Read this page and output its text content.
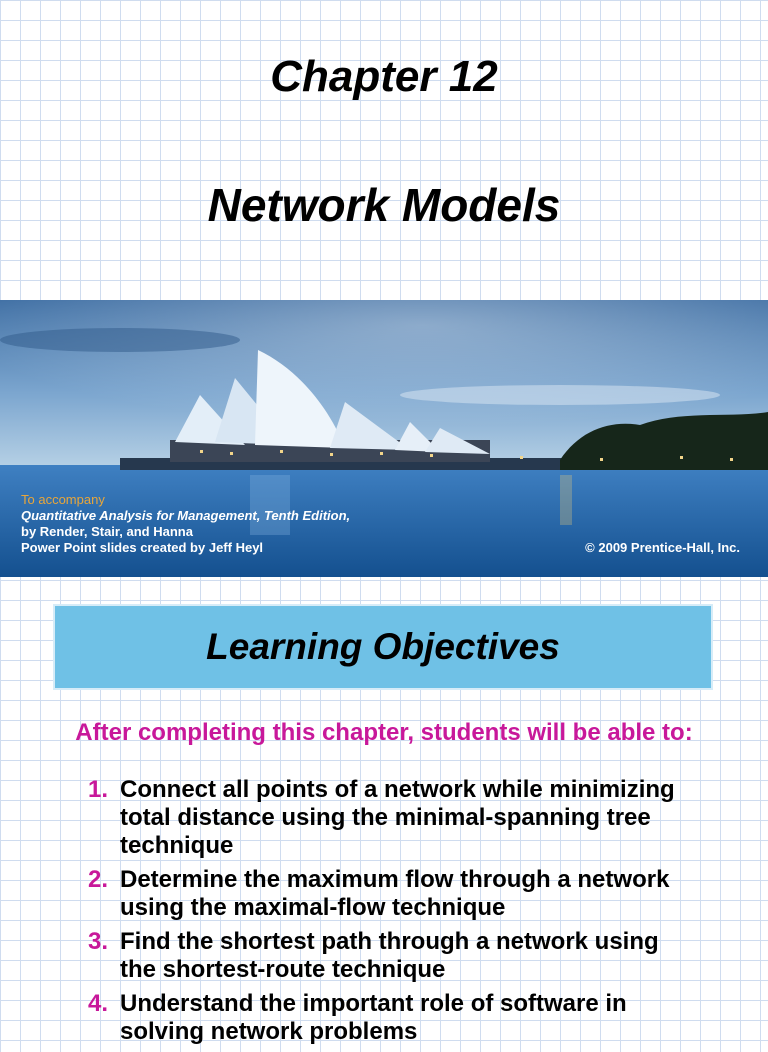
Chapter 12
Network Models
To accompany
Quantitative Analysis for Management, Tenth Edition,
by Render, Stair, and Hanna
Power Point slides created by Jeff Heyl	© 2009 Prentice-Hall, Inc.
Learning Objectives
After completing this chapter, students will be able to:
1. Connect all points of a network while minimizing total distance using the minimal-spanning tree technique
2. Determine the maximum flow through a network using the maximal-flow technique
3. Find the shortest path through a network using the shortest-route technique
4. Understand the important role of software in solving network problems
